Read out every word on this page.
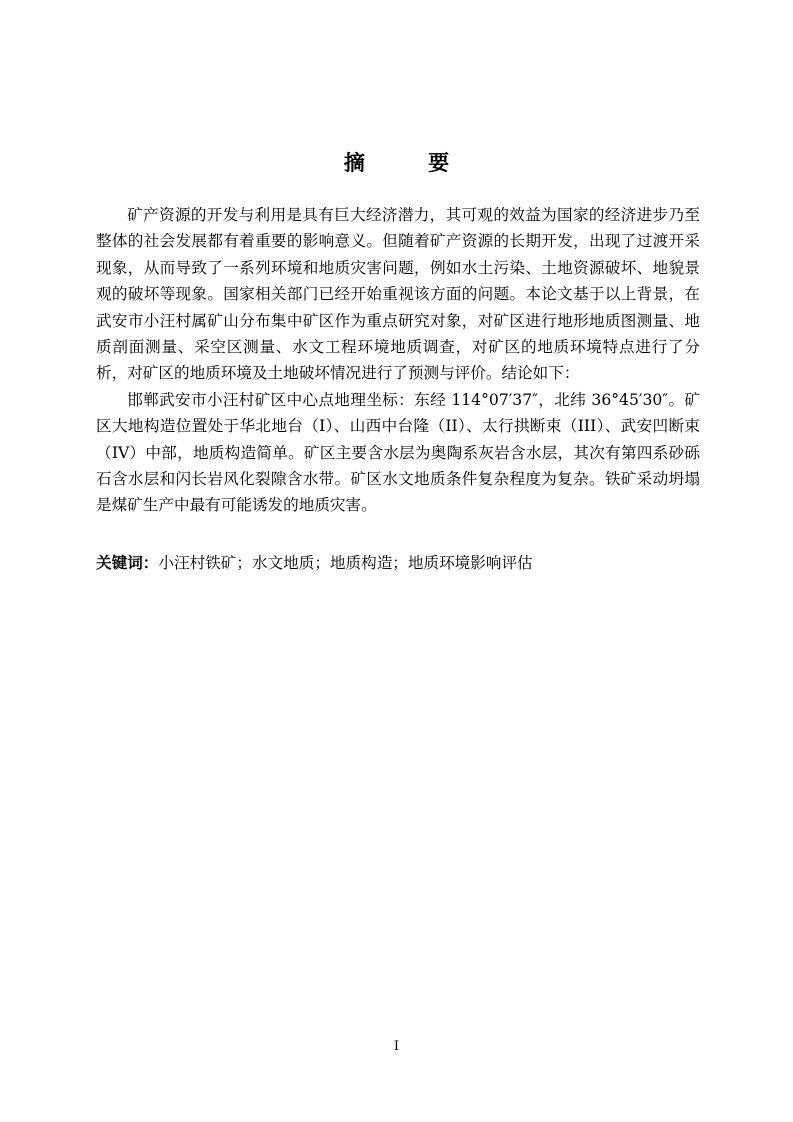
摘 要

矿产资源的开发与利用是具有巨大经济潜力，其可观的效益为国家的经济进步乃至整体的社会发展都有着重要的影响意义。但随着矿产资源的长期开发，出现了过渡开采现象，从而导致了一系列环境和地质灾害问题，例如水土污染、土地资源破坏、地貌景观的破坏等现象。国家相关部门已经开始重视该方面的问题。本论文基于以上背景，在武安市小汪村属矿山分布集中矿区作为重点研究对象，对矿区进行地形地质图测量、地质剖面测量、采空区测量、水文工程环境地质调查，对矿区的地质环境特点进行了分析，对矿区的地质环境及土地破坏情况进行了预测与评价。结论如下：

邯郸武安市小汪村矿区中心点地理坐标：东经 114°07′37″，北纬 36°45′30″。矿区大地构造位置处于华北地台（I）、山西中台隆（II）、太行拱断束（III）、武安凹断束（IV）中部，地质构造简单。矿区主要含水层为奥陶系灰岩含水层，其次有第四系砂砾石含水层和闪长岩风化裂隙含水带。矿区水文地质条件复杂程度为复杂。铁矿采动坍塌是煤矿生产中最有可能诱发的地质灾害。

关键词：小汪村铁矿；水文地质；地质构造；地质环境影响评估
I
